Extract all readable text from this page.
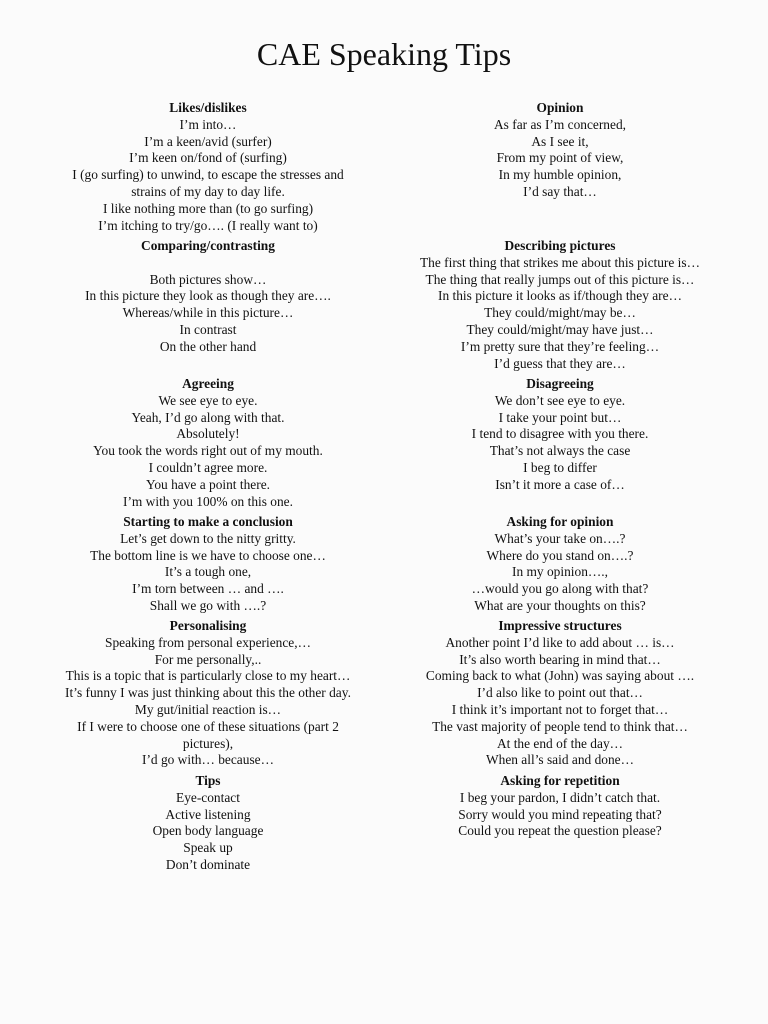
CAE Speaking Tips
Likes/dislikes
I’m into…
I’m a keen/avid (surfer)
I’m keen on/fond of (surfing)
I (go surfing) to unwind, to escape the stresses and
strains of my day to day life.
I like nothing more than (to go surfing)
I’m itching to try/go…. (I really want to)
Opinion
As far as I’m concerned,
As I see it,
From my point of view,
In my humble opinion,
I’d say that…
Comparing/contrasting
Both pictures show…
In this picture they look as though they are….
Whereas/while in this picture…
In contrast
On the other hand
Describing pictures
The first thing that strikes me about this picture is…
The thing that really jumps out of this picture is…
In this picture it looks as if/though they are…
They could/might/may be…
They could/might/may have just…
I’m pretty sure that they’re feeling…
I’d guess that they are…
Agreeing
We see eye to eye.
Yeah, I’d go along with that.
Absolutely!
You took the words right out of my mouth.
I couldn’t agree more.
You have a point there.
I’m with you 100% on this one.
Disagreeing
We don’t see eye to eye.
I take your point but…
I tend to disagree with you there.
That’s not always the case
I beg to differ
Isn’t it more a case of…
Starting to make a conclusion
Let’s get down to the nitty gritty.
The bottom line is we have to choose one…
It’s a tough one,
I’m torn between … and ….
Shall we go with ….?
Asking for opinion
What’s your take on….?
Where do you stand on….?
In my opinion….,
…would you go along with that?
What are your thoughts on this?
Personalising
Speaking from personal experience,…
For me personally,..
This is a topic that is particularly close to my heart…
It’s funny I was just thinking about this the other day.
My gut/initial reaction is…
If I were to choose one of these situations (part 2
pictures),
I’d go with… because…
Impressive structures
Another point I’d like to add about … is…
It’s also worth bearing in mind that…
Coming back to what (John) was saying about ….
I’d also like to point out that…
I think it’s important not to forget that…
The vast majority of people tend to think that…
At the end of the day…
When all’s said and done…
Tips
Eye-contact
Active listening
Open body language
Speak up
Don’t dominate
Asking for repetition
I beg your pardon, I didn’t catch that.
Sorry would you mind repeating that?
Could you repeat the question please?
